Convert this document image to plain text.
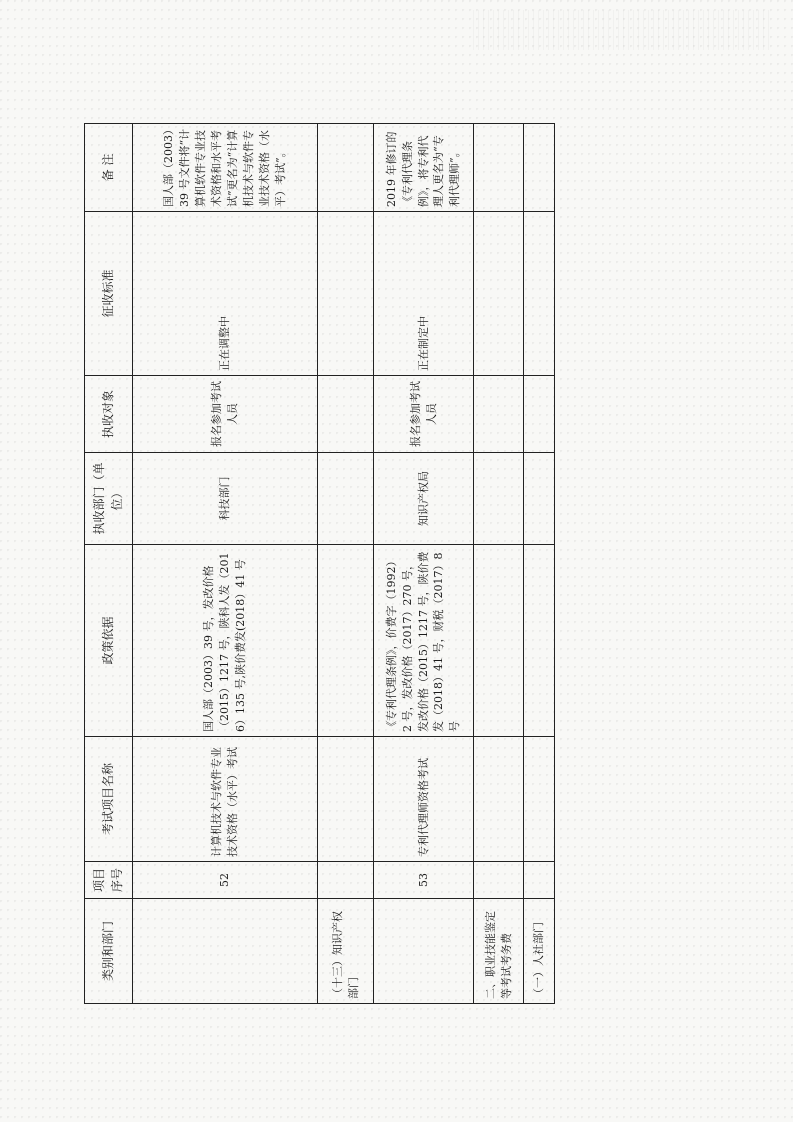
类别和部门	项目序号	考试项目名称	政策依据	执收部门（单位）	执收对象	征收标准	备 注
	52	计算机技术与软件专业技术资格（水平）考试	国人部（2003）39 号，发改价格（2015）1217 号，陕科人发（2016）135 号,陕价费发(2018）41 号	科技部门	报名参加考试人员	正在调整中	国人部（2003）39 号文件将“计算机软件专业技术资格和水平考试”更名为“计算机技术与软件专业技术资格（水平）考试”。
（十三）知识产权部门							
	53	专利代理师资格考试	《专利代理条例》，价费字（1992）2 号，发改价格（2017）270 号，发改价格（2015）1217 号，陕价费发（2018）41 号，财税（2017）8 号	知识产权局	报名参加考试人员	正在制定中	2019 年修订的《专利代理条例》，将专利代理人更名为“专利代理师”。
二、职业技能鉴定等考试考务费							
（一）人社部门							
